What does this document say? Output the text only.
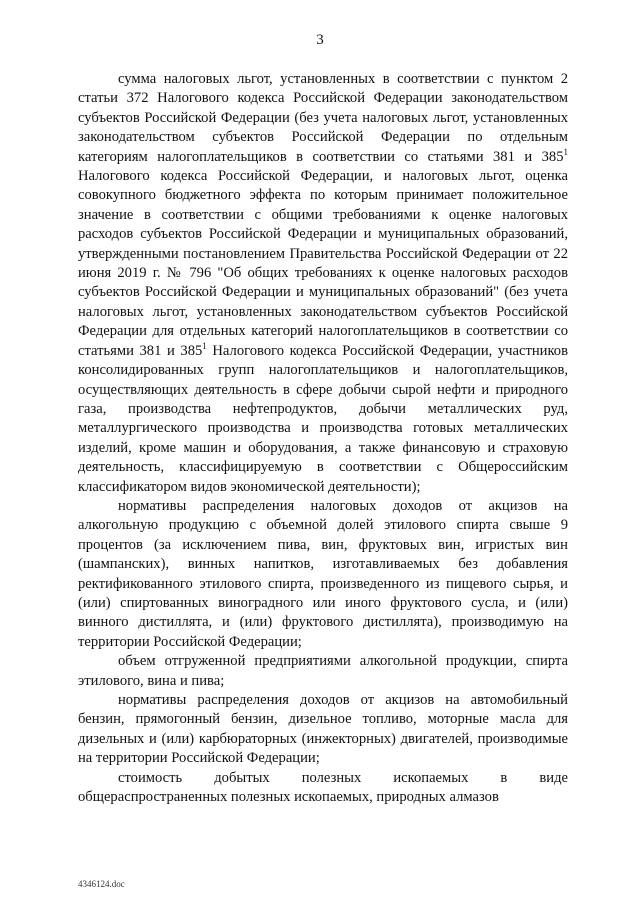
3

сумма налоговых льгот, установленных в соответствии с пунктом 2 статьи 372 Налогового кодекса Российской Федерации законодательством субъектов Российской Федерации (без учета налоговых льгот, установленных законодательством субъектов Российской Федерации по отдельным категориям налогоплательщиков в соответствии со статьями 381 и $385^1$ Налогового кодекса Российской Федерации, и налоговых льгот, оценка совокупного бюджетного эффекта по которым принимает положительное значение в соответствии с общими требованиями к оценке налоговых расходов субъектов Российской Федерации и муниципальных образований, утвержденными постановлением Правительства Российской Федерации от 22 июня 2019 г. № 796 "Об общих требованиях к оценке налоговых расходов субъектов Российской Федерации и муниципальных образований" (без учета налоговых льгот, установленных законодательством субъектов Российской Федерации для отдельных категорий налогоплательщиков в соответствии со статьями 381 и $385^1$ Налогового кодекса Российской Федерации, участников консолидированных групп налогоплательщиков и налогоплательщиков, осуществляющих деятельность в сфере добычи сырой нефти и природного газа, производства нефтепродуктов, добычи металлических руд, металлургического производства и производства готовых металлических изделий, кроме машин и оборудования, а также финансовую и страховую деятельность, классифицируемую в соответствии с Общероссийским классификатором видов экономической деятельности);

нормативы распределения налоговых доходов от акцизов на алкогольную продукцию с объемной долей этилового спирта свыше 9 процентов (за исключением пива, вин, фруктовых вин, игристых вин (шампанских), винных напитков, изготавливаемых без добавления ректификованного этилового спирта, произведенного из пищевого сырья, и (или) спиртованных виноградного или иного фруктового сусла, и (или) винного дистиллята, и (или) фруктового дистиллята), производимую на территории Российской Федерации;

объем отгруженной предприятиями алкогольной продукции, спирта этилового, вина и пива;

нормативы распределения доходов от акцизов на автомобильный бензин, прямогонный бензин, дизельное топливо, моторные масла для дизельных и (или) карбюраторных (инжекторных) двигателей, производимые на территории Российской Федерации;

стоимость добытых полезных ископаемых в виде общераспространенных полезных ископаемых, природных алмазов

4346124.doc
